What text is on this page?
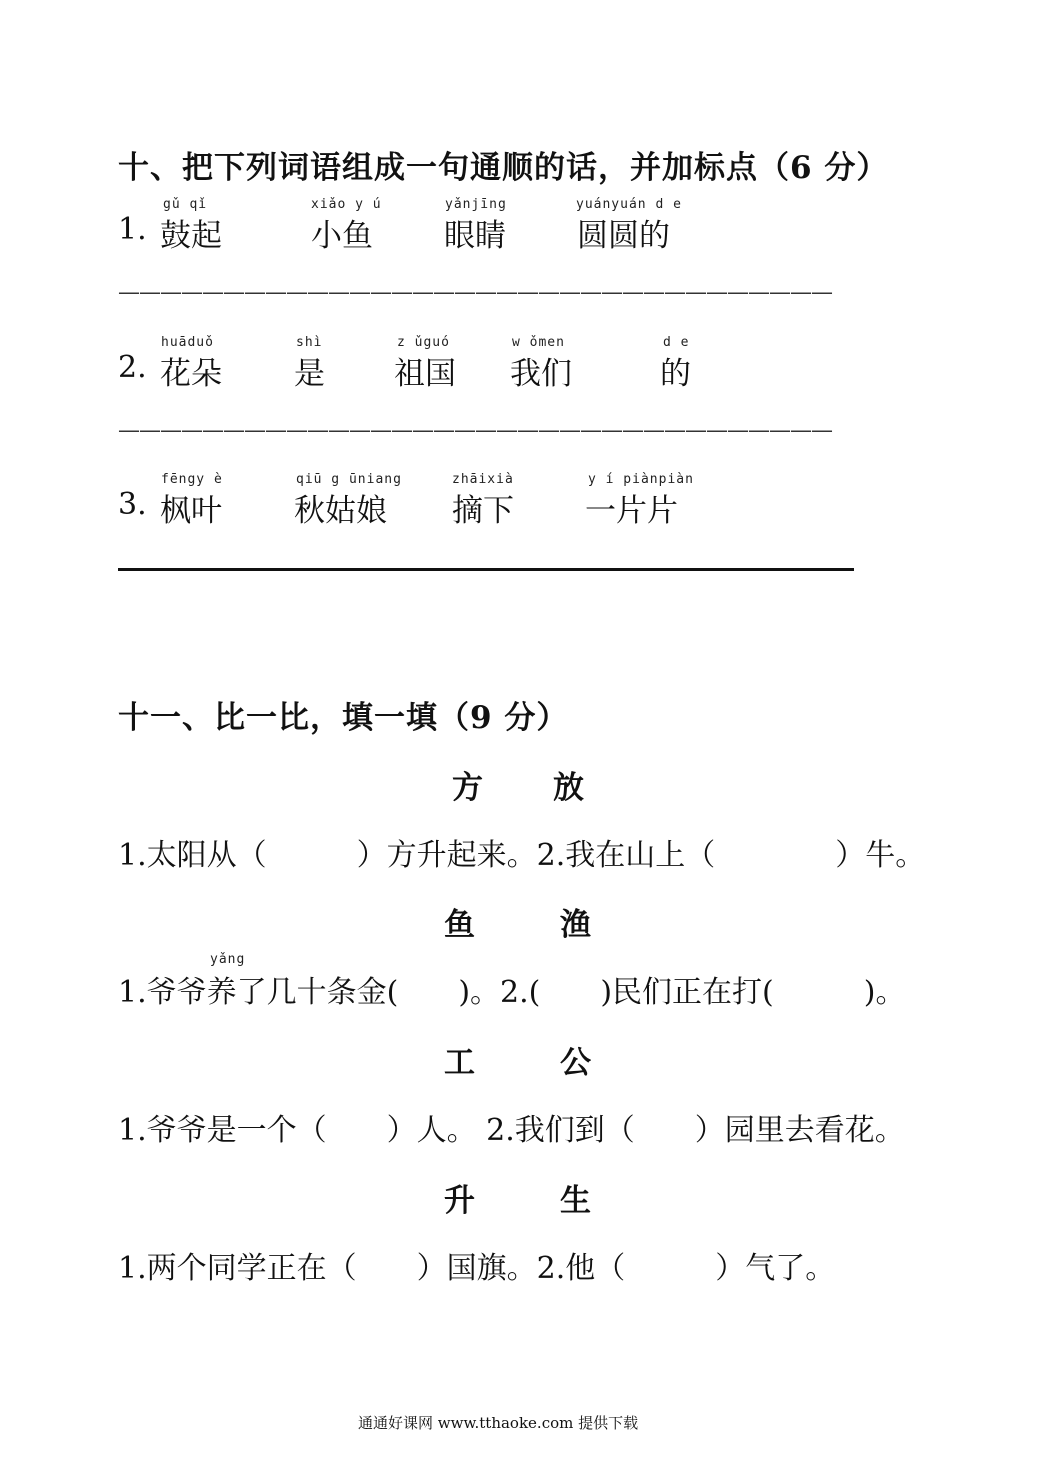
十、把下列词语组成一句通顺的话，并加标点（6 分）
1.
gǔ qǐ
鼓起
xiǎo y ú
小鱼
yǎnjīng
眼睛
yuányuán d e
圆圆的
——————————————————————————————————
2.
huāduǒ
花朵
shì
是
z ǔguó
祖国
w ǒmen
我们
d e
的
——————————————————————————————————
3.
fēngy è
枫叶
qiū g ūniang
秋姑娘
zhāixià
摘下
y í piànpiàn
一片片
十一、比一比，填一填（9 分）
方 放
1.太阳从（　　　）方升起来。2.我在山上（　　　　）牛。
鱼	渔
yǎng
1.爷爷养了几十条金(　　)。2.(　　)民们正在打(　　　)。
工	公
1.爷爷是一个（　　）人。 2.我们到（　　）园里去看花。
升	生
1.两个同学正在（　　）国旗。2.他（　　　）气了。
通通好课网 www.tthaoke.com 提供下载
